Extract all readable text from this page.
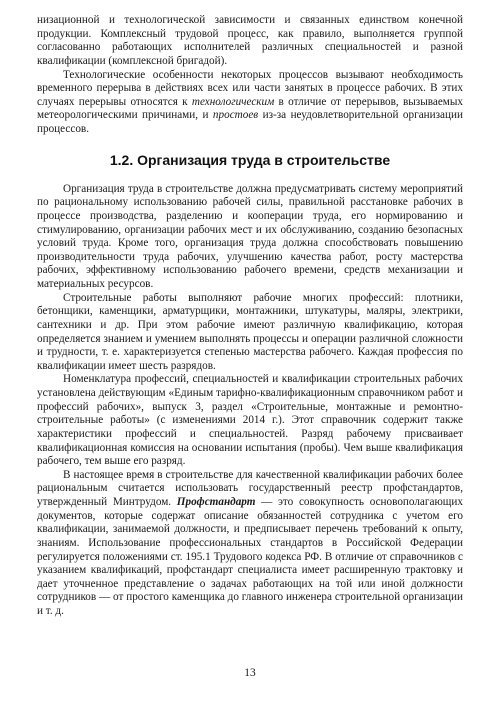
низационной и технологической зависимости и связанных единством конечной продукции. Комплексный трудовой процесс, как правило, выполняется группой согласованно работающих исполнителей различных специальностей и разной квалификации (комплексной бригадой).

Технологические особенности некоторых процессов вызывают необходимость временного перерыва в действиях всех или части занятых в процессе рабочих. В этих случаях перерывы относятся к технологическим в отличие от перерывов, вызываемых метеорологическими причинами, и простоев из-за неудовлетворительной организации процессов.

1.2. Организация труда в строительстве

Организация труда в строительстве должна предусматривать систему мероприятий по рациональному использованию рабочей силы, правильной расстановке рабочих в процессе производства, разделению и кооперации труда, его нормированию и стимулированию, организации рабочих мест и их обслуживанию, созданию безопасных условий труда. Кроме того, организация труда должна способствовать повышению производительности труда рабочих, улучшению качества работ, росту мастерства рабочих, эффективному использованию рабочего времени, средств механизации и материальных ресурсов.

Строительные работы выполняют рабочие многих профессий: плотники, бетонщики, каменщики, арматурщики, монтажники, штукатуры, маляры, электрики, сантехники и др. При этом рабочие имеют различную квалификацию, которая определяется знанием и умением выполнять процессы и операции различной сложности и трудности, т. е. характеризуется степенью мастерства рабочего. Каждая профессия по квалификации имеет шесть разрядов.

Номенклатура профессий, специальностей и квалификации строительных рабочих установлена действующим «Единым тарифно-квалификационным справочником работ и профессий рабочих», выпуск 3, раздел «Строительные, монтажные и ремонтно-строительные работы» (с изменениями 2014 г.). Этот справочник содержит также характеристики профессий и специальностей. Разряд рабочему присваивает квалификационная комиссия на основании испытания (пробы). Чем выше квалификация рабочего, тем выше его разряд.

В настоящее время в строительстве для качественной квалификации рабочих более рациональным считается использовать государственный реестр профстандартов, утвержденный Минтрудом. Профстандарт — это совокупность основополагающих документов, которые содержат описание обязанностей сотрудника с учетом его квалификации, занимаемой должности, и предписывает перечень требований к опыту, знаниям. Использование профессиональных стандартов в Российской Федерации регулируется положениями ст. 195.1 Трудового кодекса РФ. В отличие от справочников с указанием квалификаций, профстандарт специалиста имеет расширенную трактовку и дает уточненное представление о задачах работающих на той или иной должности сотрудников — от простого каменщика до главного инженера строительной организации и т. д.

13
